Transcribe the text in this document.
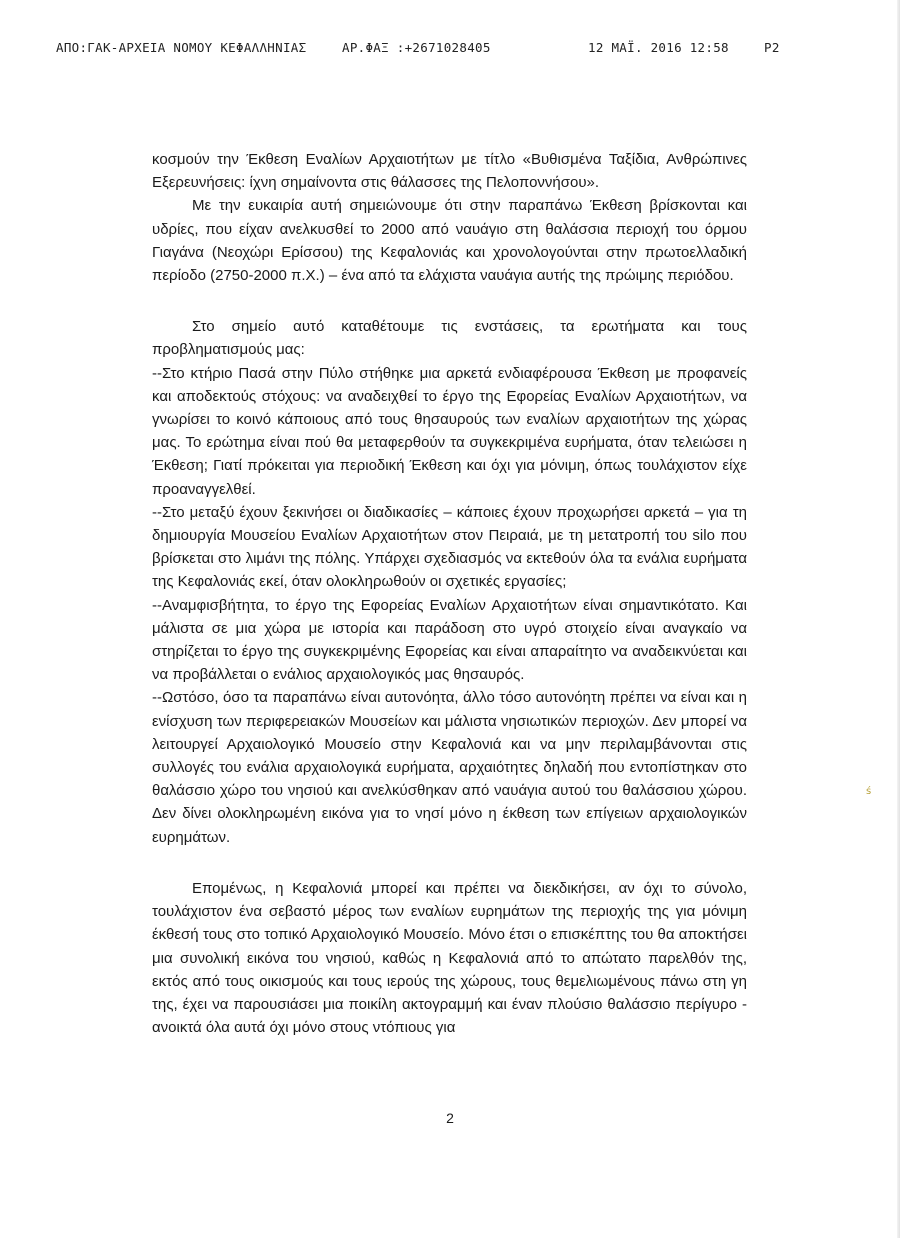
ΑΠΟ:ΓΑΚ-ΑΡΧΕΙΑ ΝΟΜΟΥ ΚΕΦΑΛΛΗΝΙΑΣ	ΑΡ.ΦΑΞ :+2671028405	12 ΜΑΪ. 2016 12:58	P2

κοσμούν την Έκθεση Εναλίων Αρχαιοτήτων με τίτλο «Βυθισμένα Ταξίδια, Ανθρώπινες Εξερευνήσεις: ίχνη σημαίνοντα στις θάλασσες της Πελοποννήσου».

Με την ευκαιρία αυτή σημειώνουμε ότι στην παραπάνω Έκθεση βρίσκονται και υδρίες, που είχαν ανελκυσθεί το 2000 από ναυάγιο στη θαλάσσια περιοχή του όρμου Γιαγάνα (Νεοχώρι Ερίσσου) της Κεφαλονιάς και χρονολογούνται στην πρωτοελλαδική περίοδο (2750-2000 π.Χ.) – ένα από τα ελάχιστα ναυάγια αυτής της πρώιμης περιόδου.

Στο σημείο αυτό καταθέτουμε τις ενστάσεις, τα ερωτήματα και τους προβληματισμούς μας:

--Στο κτήριο Πασά στην Πύλο στήθηκε μια αρκετά ενδιαφέρουσα Έκθεση με προφανείς και αποδεκτούς στόχους: να αναδειχθεί το έργο της Εφορείας Εναλίων Αρχαιοτήτων, να γνωρίσει το κοινό κάποιους από τους θησαυρούς των εναλίων αρχαιοτήτων της χώρας μας. Το ερώτημα είναι πού θα μεταφερθούν τα συγκεκριμένα ευρήματα, όταν τελειώσει η Έκθεση; Γιατί πρόκειται για περιοδική Έκθεση και όχι για μόνιμη, όπως τουλάχιστον είχε προαναγγελθεί.

--Στο μεταξύ έχουν ξεκινήσει οι διαδικασίες – κάποιες έχουν προχωρήσει αρκετά – για τη δημιουργία Μουσείου Εναλίων Αρχαιοτήτων στον Πειραιά, με τη μετατροπή του silo που βρίσκεται στο λιμάνι της πόλης. Υπάρχει σχεδιασμός να εκτεθούν όλα τα ενάλια ευρήματα της Κεφαλονιάς εκεί, όταν ολοκληρωθούν οι σχετικές εργασίες;

--Αναμφισβήτητα, το έργο της Εφορείας Εναλίων Αρχαιοτήτων είναι σημαντικότατο. Και μάλιστα σε μια χώρα με ιστορία και παράδοση στο υγρό στοιχείο είναι αναγκαίο να στηρίζεται το έργο της συγκεκριμένης Εφορείας και είναι απαραίτητο να αναδεικνύεται και να προβάλλεται ο ενάλιος αρχαιολογικός μας θησαυρός.

--Ωστόσο, όσο τα παραπάνω είναι αυτονόητα, άλλο τόσο αυτονόητη πρέπει να είναι και η ενίσχυση των περιφερειακών Μουσείων και μάλιστα νησιωτικών περιοχών. Δεν μπορεί να λειτουργεί Αρχαιολογικό Μουσείο στην Κεφαλονιά και να μην περιλαμβάνονται στις συλλογές του ενάλια αρχαιολογικά ευρήματα, αρχαιότητες δηλαδή που εντοπίστηκαν στο θαλάσσιο χώρο του νησιού και ανελκύσθηκαν από ναυάγια αυτού του θαλάσσιου χώρου. Δεν δίνει ολοκληρωμένη εικόνα για το νησί μόνο η έκθεση των επίγειων αρχαιολογικών ευρημάτων.

Επομένως, η Κεφαλονιά μπορεί και πρέπει να διεκδικήσει, αν όχι το σύνολο, τουλάχιστον ένα σεβαστό μέρος των εναλίων ευρημάτων της περιοχής της για μόνιμη έκθεσή τους στο τοπικό Αρχαιολογικό Μουσείο. Μόνο έτσι ο επισκέπτης του θα αποκτήσει μια συνολική εικόνα του νησιού, καθώς η Κεφαλονιά από το απώτατο παρελθόν της, εκτός από τους οικισμούς και τους ιερούς της χώρους, τους θεμελιωμένους πάνω στη γη της, έχει να παρουσιάσει μια ποικίλη ακτογραμμή και έναν πλούσιο θαλάσσιο περίγυρο - ανοικτά όλα αυτά όχι μόνο στους ντόπιους για

ś
2
